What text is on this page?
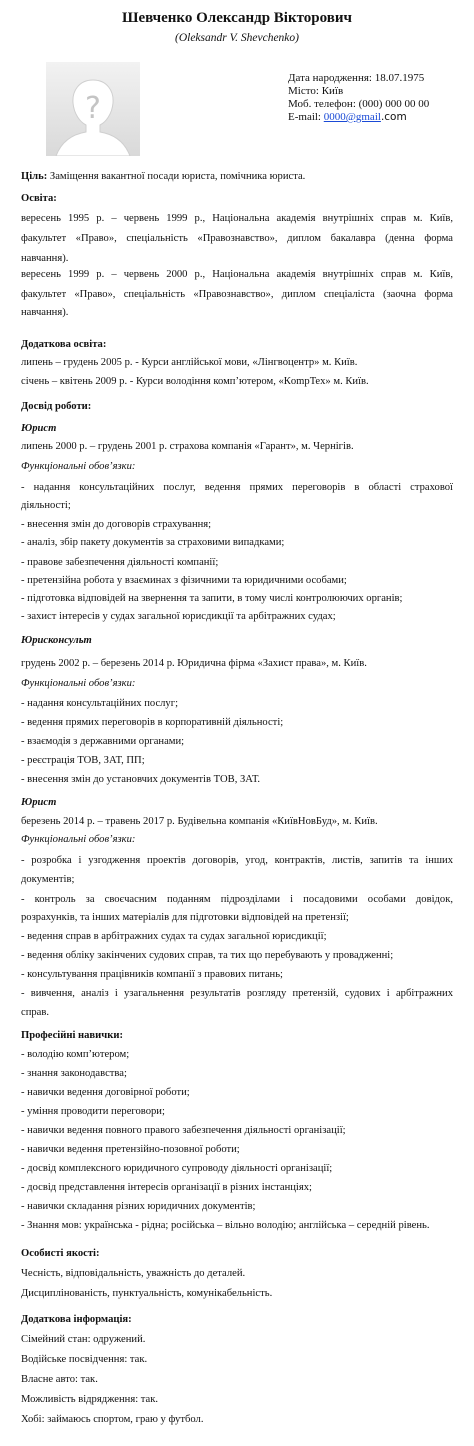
Шевченко Олександр Вікторович
(Oleksandr V. Shevchenko)
?
Дата народження: 18.07.1975
Місто: Київ
Моб. телефон: (000) 000 00 00
E-mail: 0000@gmail.com
Ціль: Заміщення вакантної посади юриста, помічника юриста.
Освіта:
вересень 1995 р. – червень 1999 р., Національна академія внутрішніх справ м. Київ,
факультет «Право», спеціальність «Правознавство», диплом бакалавра (денна форма
навчання).
вересень 1999 р. – червень 2000 р., Національна академія внутрішніх справ м. Київ,
факультет «Право», спеціальність «Правознавство», диплом спеціаліста (заочна форма
навчання).
Додаткова освіта:
липень – грудень 2005 р. - Курси англійської мови, «Лінгвоцентр» м. Київ.
січень – квітень 2009 р. - Курси володіння комп’ютером, «КompTex» м. Київ.
Досвід роботи:
Юрист
липень 2000 р. – грудень 2001 р. страхова компанія «Гарант», м. Чернігів.
Функціональні обов’язки:
- надання консультаційних послуг, ведення прямих переговорів в області страхової
діяльності;
- внесення змін до договорів страхування;
- аналіз, збір пакету документів за страховими випадками;
- правове забезпечення діяльності компанії;
- претензійна робота у взаєминах з фізичними та юридичними особами;
- підготовка відповідей на звернення та запити, в тому числі контролюючих органів;
- захист інтересів у судах загальної юрисдикції та арбітражних судах;
Юрисконсульт
грудень 2002 р. – березень 2014 р. Юридична фірма «Захист права», м. Київ.
Функціональні обов’язки:
- надання консультаційних послуг;
- ведення прямих переговорів в корпоративній діяльності;
- взаємодія з державними органами;
- реєстрація ТОВ, ЗАТ, ПП;
- внесення змін до установчих документів ТОВ, ЗАТ.
Юрист
березень 2014 р. – травень 2017 р. Будівельна компанія «КиївНовБуд», м. Київ.
Функціональні обов’язки:
- розробка і узгодження проектів договорів, угод, контрактів, листів, запитів та інших
документів;
- контроль за своєчасним поданням підрозділами і посадовими особами довідок,
розрахунків, та інших матеріалів для підготовки відповідей на претензії;
- ведення справ в арбітражних судах та судах загальної юрисдикції;
- ведення обліку закінчених судових справ, та тих що перебувають у провадженні;
- консультування працівників компанії з правових питань;
- вивчення, аналіз і узагальнення результатів розгляду претензій, судових і арбітражних
справ.
Професійні навички:
- володію комп’ютером;
- знання законодавства;
- навички ведення договірної роботи;
- уміння проводити переговори;
- навички ведення повного правого забезпечення діяльності організації;
- навички ведення претензійно-позовної роботи;
- досвід комплексного юридичного супроводу діяльності організації;
- досвід представлення інтересів організації в різних інстанціях;
- навички складання різних юридичних документів;
- Знання мов: українська - рідна; російська – вільно володію; англійська – середній рівень.
Особисті якості:
Чесність, відповідальність, уважність до деталей.
Дисциплінованість, пунктуальність, комунікабельність.
Додаткова інформація:
Сімейний стан: одружений.
Водійське посвідчення: так.
Власне авто: так.
Можливість відрядження: так.
Хобі: займаюсь спортом, граю у футбол.
